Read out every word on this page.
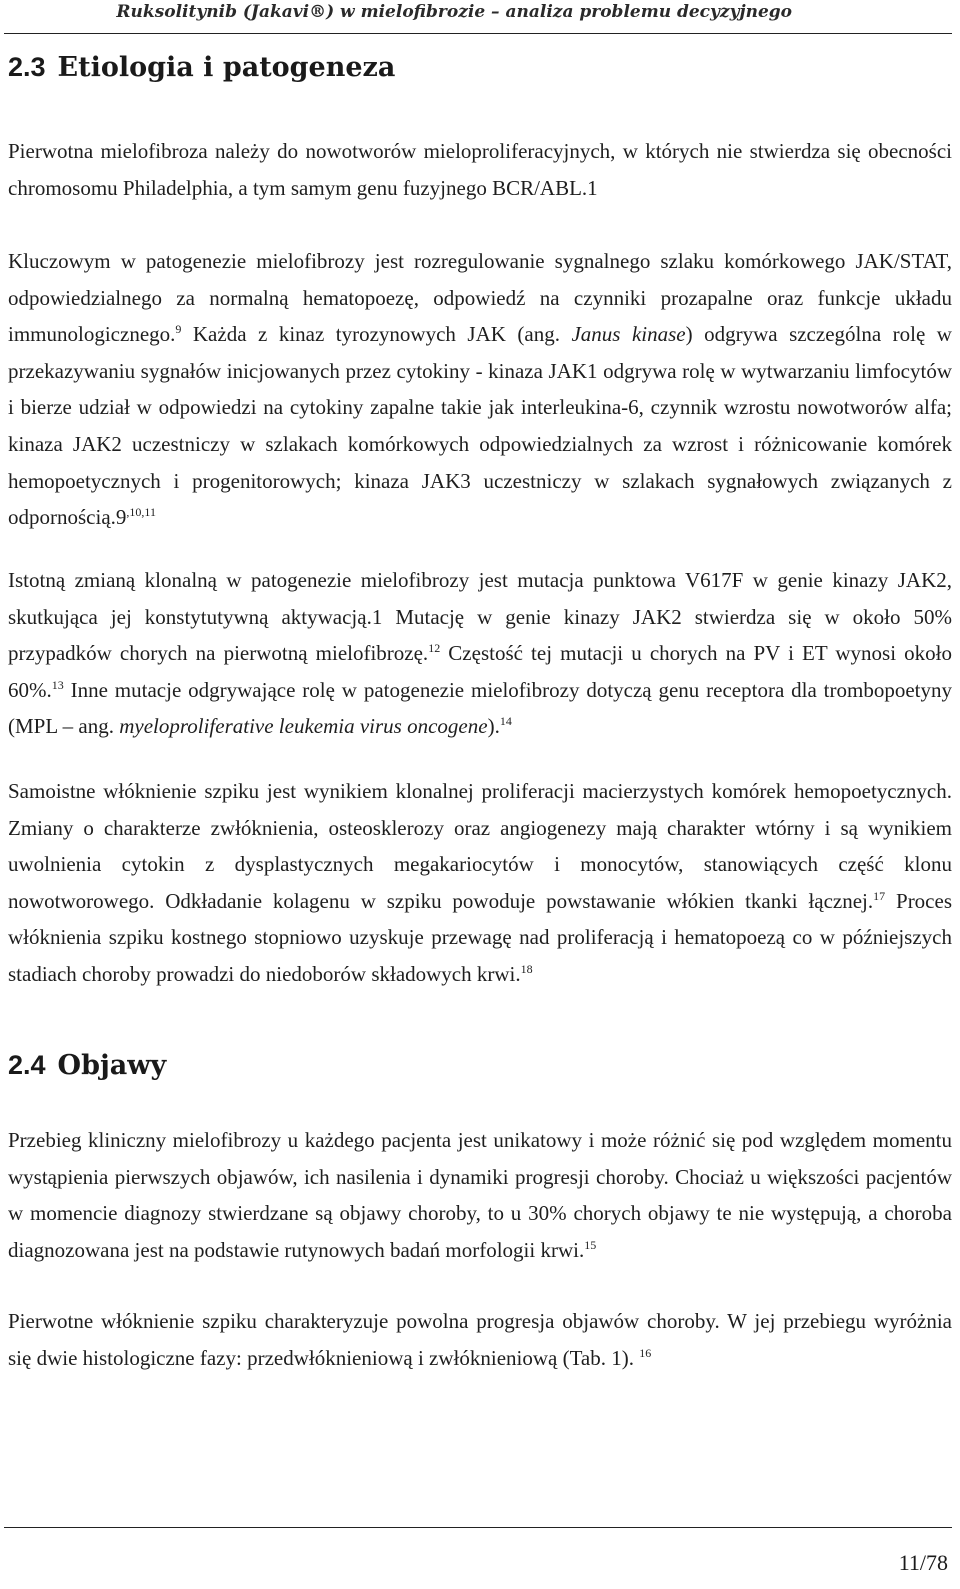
Ruksolitynib (Jakavi®) w mielofibrozie – analiza problemu decyzyjnego
2.3 Etiologia i patogeneza
Pierwotna mielofibroza należy do nowotworów mieloproliferacyjnych, w których nie stwierdza się obecności chromosomu Philadelphia, a tym samym genu fuzyjnego BCR/ABL.1
Kluczowym w patogenezie mielofibrozy jest rozregulowanie sygnalnego szlaku komórkowego JAK/STAT, odpowiedzialnego za normalną hematopoezę, odpowiedź na czynniki prozapalne oraz funkcje układu immunologicznego.$^9$ Każda z kinaz tyrozynowych JAK (ang. Janus kinase) odgrywa szczególna rolę w przekazywaniu sygnałów inicjowanych przez cytokiny - kinaza JAK1 odgrywa rolę w wytwarzaniu limfocytów i bierze udział w odpowiedzi na cytokiny zapalne takie jak interleukina-6, czynnik wzrostu nowotworów alfa; kinaza JAK2 uczestniczy w szlakach komórkowych odpowiedzialnych za wzrost i różnicowanie komórek hemopoetycznych i progenitorowych; kinaza JAK3 uczestniczy w szlakach sygnałowych związanych z $odpornością.9^{,10,11}$
Istotną zmianą klonalną w patogenezie mielofibrozy jest mutacja punktowa V617F w genie kinazy JAK2, skutkująca jej konstytutywną aktywacją.1 Mutację w genie kinazy JAK2 stwierdza się w około 50% przypadków chorych na pierwotną mielofibrozę.$^{12}$ Częstość tej mutacji u chorych na PV i ET wynosi około 60%.$^{13}$ Inne mutacje odgrywające rolę w patogenezie mielofibrozy dotyczą genu receptora dla trombopoetyny (MPL – ang. myeloproliferative leukemia virus oncogene).$^{14}$
Samoistne włóknienie szpiku jest wynikiem klonalnej proliferacji macierzystych komórek hemopoetycznych. Zmiany o charakterze zwłóknienia, osteosklerozy oraz angiogenezy mają charakter wtórny i są wynikiem uwolnienia cytokin z dysplastycznych megakariocytów i monocytów, stanowiących część klonu nowotworowego. Odkładanie kolagenu w szpiku powoduje powstawanie włókien tkanki łącznej.$^{17}$ Proces włóknienia szpiku kostnego stopniowo uzyskuje przewagę nad proliferacją i hematopoezą co w późniejszych stadiach choroby prowadzi do niedoborów składowych krwi.$^{18}$
2.4 Objawy
Przebieg kliniczny mielofibrozy u każdego pacjenta jest unikatowy i może różnić się pod względem momentu wystąpienia pierwszych objawów, ich nasilenia i dynamiki progresji choroby. Chociaż u większości pacjentów w momencie diagnozy stwierdzane są objawy choroby, to u 30% chorych objawy te nie występują, a choroba diagnozowana jest na podstawie rutynowych badań morfologii krwi.$^{15}$
Pierwotne włóknienie szpiku charakteryzuje powolna progresja objawów choroby. W jej przebiegu wyróżnia się dwie histologiczne fazy: przedwłóknieniową i zwłóknieniową (Tab. 1). $^{16}$
11/78
